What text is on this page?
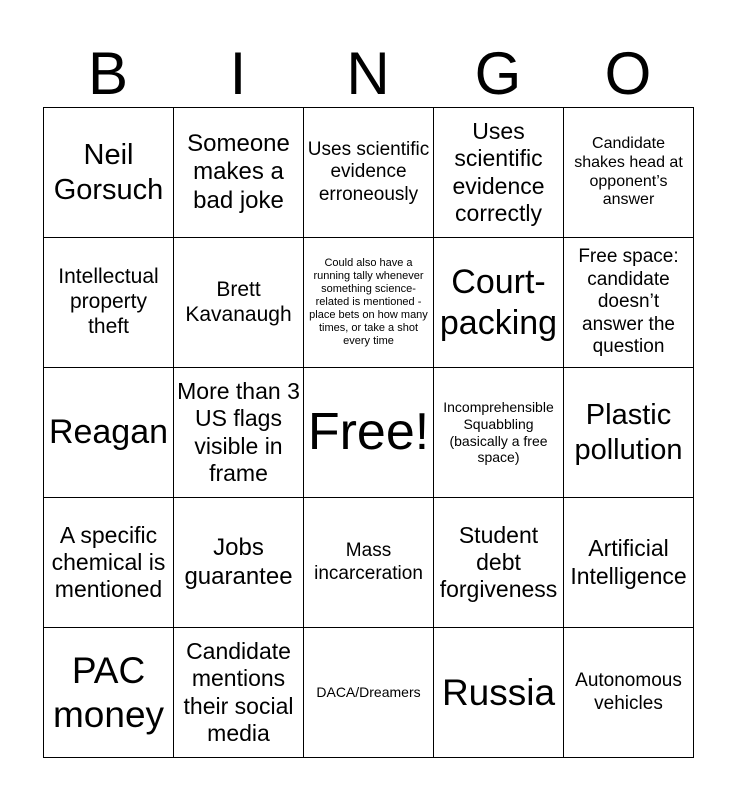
B	I	N	G	O
Neil Gorsuch	Someone makes a bad joke	Uses scientific evidence erroneously	Uses scientific evidence correctly	Candidate shakes head at opponent’s answer
Intellectual property theft	Brett Kavanaugh	Could also have a running tally whenever something science-related is mentioned - place bets on how many times, or take a shot every time	Court-packing	Free space: candidate doesn’t answer the question
Reagan	More than 3 US flags visible in frame	Free!	Incomprehensible Squabbling (basically a free space)	Plastic pollution
A specific chemical is mentioned	Jobs guarantee	Mass incarceration	Student debt forgiveness	Artificial Intelligence
PAC money	Candidate mentions their social media	DACA/Dreamers	Russia	Autonomous vehicles
